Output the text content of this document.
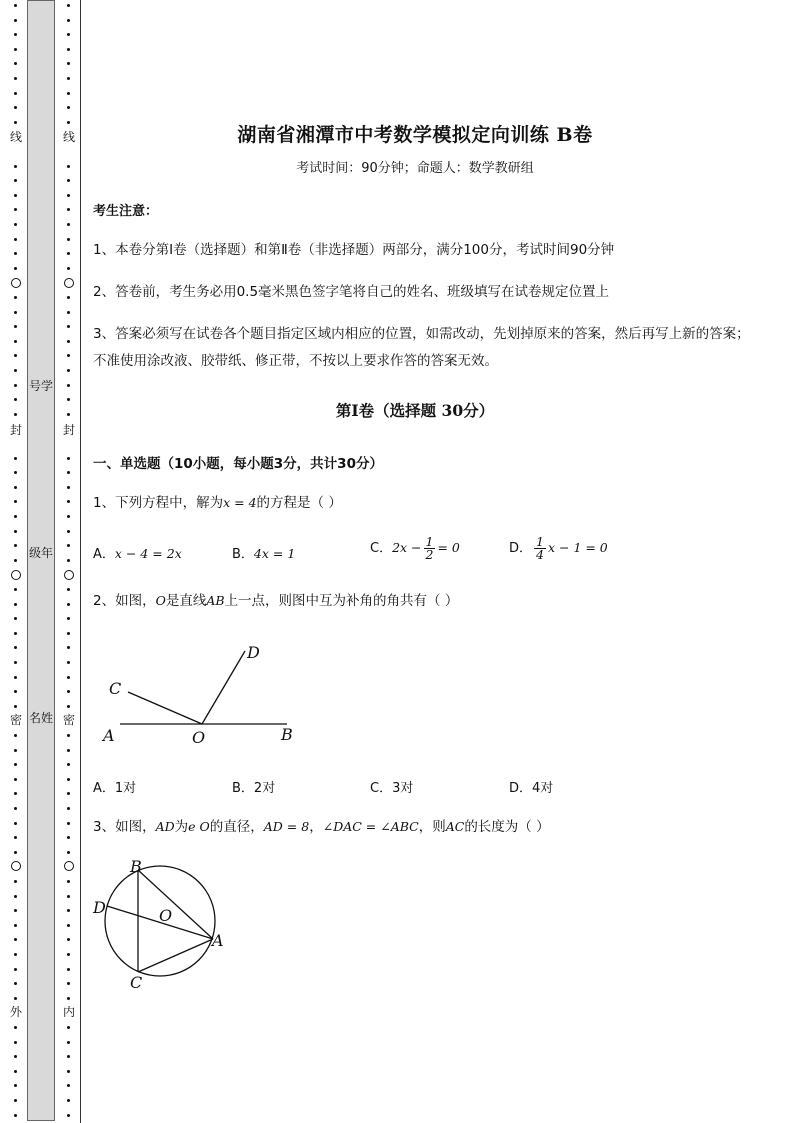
线
封
密
外
线
封
密
内
号学
级年
名姓
湖南省湘潭市中考数学模拟定向训练 B卷
考试时间：90分钟；命题人：数学教研组
考生注意：
1、本卷分第I卷（选择题）和第Ⅱ卷（非选择题）两部分，满分100分，考试时间90分钟
2、答卷前，考生务必用0.5毫米黑色签字笔将自己的姓名、班级填写在试卷规定位置上
3、答案必须写在试卷各个题目指定区域内相应的位置，如需改动，先划掉原来的答案，然后再写上新的答案；不准使用涂改液、胶带纸、修正带，不按以上要求作答的答案无效。
第I卷（选择题 30分）
一、单选题（10小题，每小题3分，共计30分）
1、下列方程中，解为x = 4的方程是（ ）
A．x − 4 = 2x	B．4x = 1	C．$2x - \frac{1}{2} = 0$	D． $\frac{1}{4}$ x − 1 = 0
2、如图，O是直线AB上一点，则图中互为补角的角共有（ ）
A	B
C
D
O
A．1对	B．2对	C．3对	D．4对
3、如图，AD为e O的直径，AD = 8，∠DAC = ∠ABC，则AC的长度为（ ）
B
C
D
A
O
